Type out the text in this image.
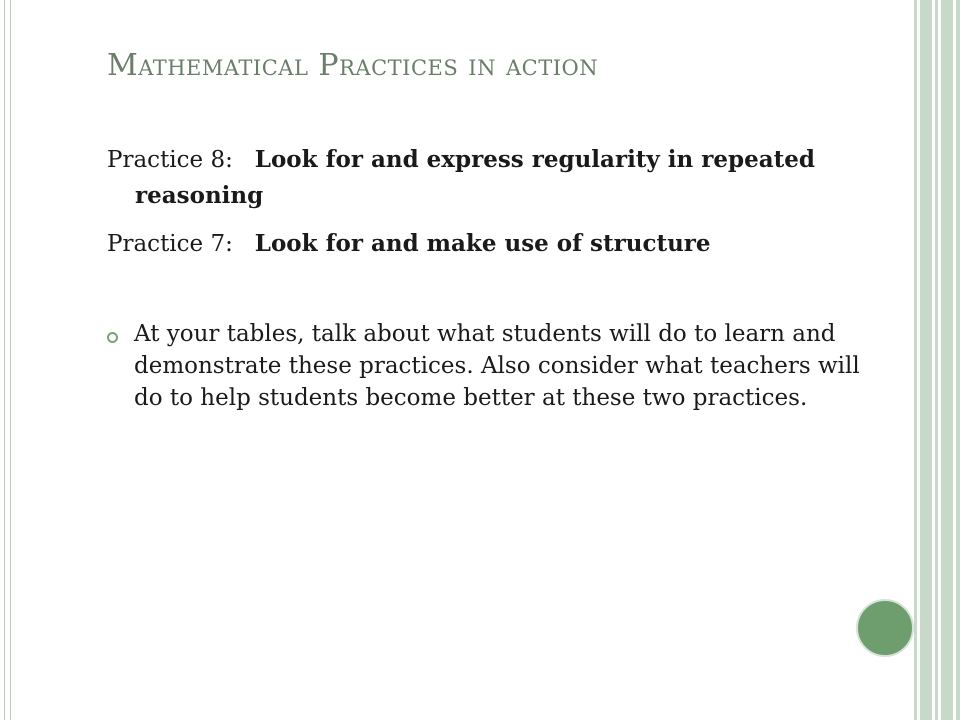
Mathematical Practices in action
Practice 8: Look for and express regularity in repeated reasoning
Practice 7: Look for and make use of structure
At your tables, talk about what students will do to learn and demonstrate these practices. Also consider what teachers will do to help students become better at these two practices.
